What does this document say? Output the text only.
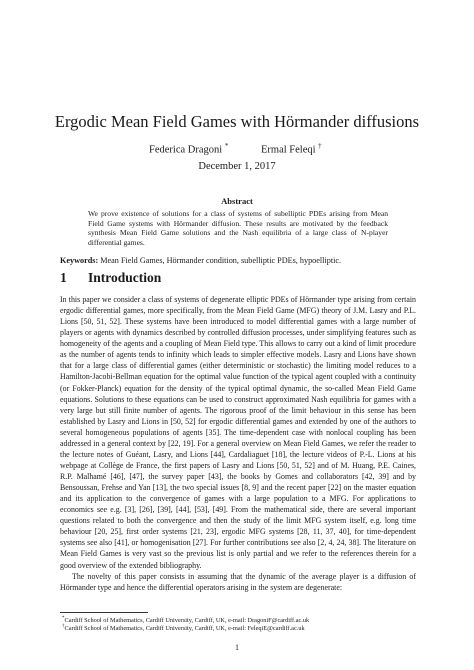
Ergodic Mean Field Games with Hörmander diffusions
Federica Dragoni *	Ermal Feleqi †
December 1, 2017
Abstract

We prove existence of solutions for a class of systems of subelliptic PDEs arising from Mean Field Game systems with Hörmander diffusion. These results are motivated by the feedback synthesis Mean Field Game solutions and the Nash equilibria of a large class of N-player differential games.

Keywords: Mean Field Games, Hörmander condition, subelliptic PDEs, hypoelliptic.

1 Introduction

In this paper we consider a class of systems of degenerate elliptic PDEs of Hörmander type arising from certain ergodic differential games, more specifically, from the Mean Field Game (MFG) theory of J.M. Lasry and P.L. Lions [50, 51, 52]. These systems have been introduced to model differential games with a large number of players or agents with dynamics described by controlled diffusion processes, under simplifying features such as homogeneity of the agents and a coupling of Mean Field type. This allows to carry out a kind of limit procedure as the number of agents tends to infinity which leads to simpler effective models. Lasry and Lions have shown that for a large class of differential games (either deterministic or stochastic) the limiting model reduces to a Hamilton-Jacobi-Bellman equation for the optimal value function of the typical agent coupled with a continuity (or Fokker-Planck) equation for the density of the typical optimal dynamic, the so-called Mean Field Game equations. Solutions to these equations can be used to construct approximated Nash equilibria for games with a very large but still finite number of agents. The rigorous proof of the limit behaviour in this sense has been established by Lasry and Lions in [50, 52] for ergodic differential games and extended by one of the authors to several homogeneous populations of agents [35]. The time-dependent case with nonlocal coupling has been addressed in a general context by [22, 19]. For a general overview on Mean Field Games, we refer the reader to the lecture notes of Guéant, Lasry, and Lions [44], Cardaliaguet [18], the lecture videos of P.-L. Lions at his webpage at Collège de France, the first papers of Lasry and Lions [50, 51, 52] and of M. Huang, P.E. Caines, R.P. Malhamé [46], [47], the survey paper [43], the books by Gomes and collaborators [42, 39] and by Bensoussan, Frehse and Yan [13], the two special issues [8, 9] and the recent paper [22] on the master equation and its application to the convergence of games with a large population to a MFG. For applications to economics see e.g. [3], [26], [39], [44], [53], [49]. From the mathematical side, there are several important questions related to both the convergence and then the study of the limit MFG system itself, e.g. long time behaviour [20, 25], first order systems [21, 23], ergodic MFG systems [28, 11, 37, 40], for time-dependent systems see also [41], or homogenisation [27]. For further contributions see also [2, 4, 24, 38]. The literature on Mean Field Games is very vast so the previous list is only partial and we refer to the references therein for a good overview of the extended bibliography.

The novelty of this paper consists in assuming that the dynamic of the average player is a diffusion of Hörmander type and hence the differential operators arising in the system are degenerate:

*Cardiff School of Mathematics, Cardiff University, Cardiff, UK, e-mail: DragoniF@cardiff.ac.uk

†Cardiff School of Mathematics, Cardiff University, Cardiff, UK, e-mail: FeleqiE@cardiff.ac.uk

1
